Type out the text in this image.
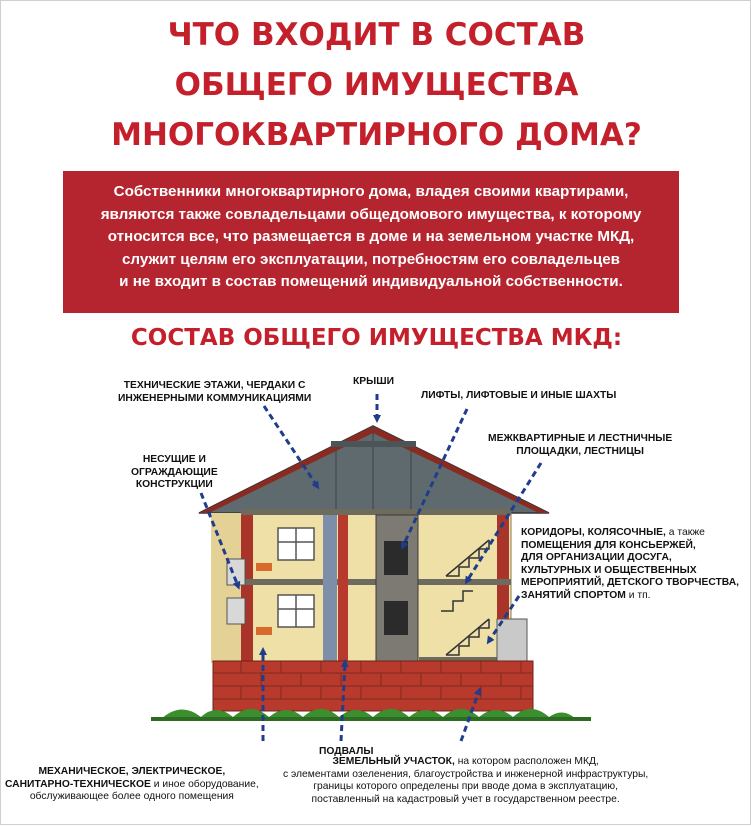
ЧТО ВХОДИТ В СОСТАВ
ОБЩЕГО ИМУЩЕСТВА
МНОГОКВАРТИРНОГО ДОМА?
Собственники многоквартирного дома, владея своими квартирами,
являются также совладельцами общедомового имущества, к которому
относится все, что размещается в доме и на земельном участке МКД,
служит целям его эксплуатации, потребностям его совладельцев
и не входит в состав помещений индивидуальной собственности.
СОСТАВ ОБЩЕГО ИМУЩЕСТВА МКД:
ТЕХНИЧЕСКИЕ ЭТАЖИ, ЧЕРДАКИ С
ИНЖЕНЕРНЫМИ КОММУНИКАЦИЯМИ
КРЫШИ
ЛИФТЫ, ЛИФТОВЫЕ И ИНЫЕ ШАХТЫ
МЕЖКВАРТИРНЫЕ И ЛЕСТНИЧНЫЕ
ПЛОЩАДКИ, ЛЕСТНИЦЫ
НЕСУЩИЕ И
ОГРАЖДАЮЩИЕ
КОНСТРУКЦИИ
КОРИДОРЫ, КОЛЯСОЧНЫЕ, а также
ПОМЕЩЕНИЯ ДЛЯ КОНСЬЕРЖЕЙ,
ДЛЯ ОРГАНИЗАЦИИ ДОСУГА,
КУЛЬТУРНЫХ И ОБЩЕСТВЕННЫХ
МЕРОПРИЯТИЙ, ДЕТСКОГО ТВОРЧЕСТВА,
ЗАНЯТИЙ СПОРТОМ и тп.
ПОДВАЛЫ
МЕХАНИЧЕСКОЕ, ЭЛЕКТРИЧЕСКОЕ,
САНИТАРНО-ТЕХНИЧЕСКОЕ и иное оборудование,
обслуживающее более одного помещения
ЗЕМЕЛЬНЫЙ УЧАСТОК, на котором расположен МКД,
с элементами озеленения, благоустройства и инженерной инфраструктуры,
границы которого определены при вводе дома в эксплуатацию,
поставленный на кадастровый учет в государственном реестре.
